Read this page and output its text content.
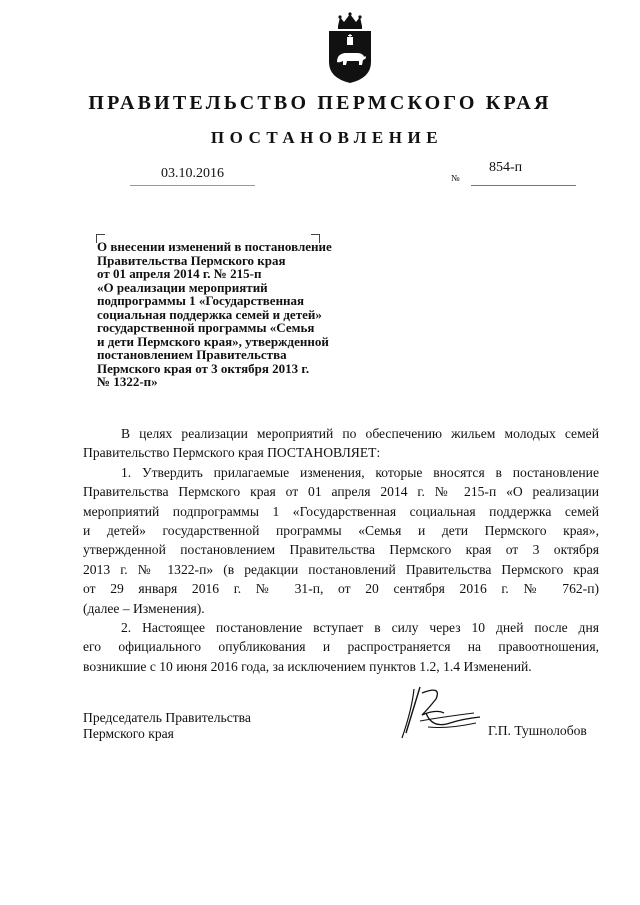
ПРАВИТЕЛЬСТВО ПЕРМСКОГО КРАЯ
ПОСТАНОВЛЕНИЕ
03.10.2016	854-п
№
О внесении изменений в постановление
Правительства Пермского края
от 01 апреля 2014 г. № 215-п
«О реализации мероприятий
подпрограммы 1 «Государственная
социальная поддержка семей и детей»
государственной программы «Семья
и дети Пермского края», утвержденной
постановлением Правительства
Пермского края от 3 октября 2013 г.
№ 1322-п»

В целях реализации мероприятий по обеспечению жильем молодых семей
Правительство Пермского края ПОСТАНОВЛЯЕТ:

1. Утвердить прилагаемые изменения, которые вносятся в постановление
Правительства Пермского края от 01 апреля 2014 г. № 215-п «О реализации
мероприятий подпрограммы 1 «Государственная социальная поддержка семей
и детей» государственной программы «Семья и дети Пермского края»,
утвержденной постановлением Правительства Пермского края от 3 октября
2013 г. № 1322-п» (в редакции постановлений Правительства Пермского края
от 29 января 2016 г. № 31-п, от 20 сентября 2016 г. № 762-п)
(далее – Изменения).

2. Настоящее постановление вступает в силу через 10 дней после дня
его официального опубликования и распространяется на правоотношения,
возникшие с 10 июня 2016 года, за исключением пунктов 1.2, 1.4 Изменений.

Председатель Правительства
Пермского края	Г.П. Тушнолобов
